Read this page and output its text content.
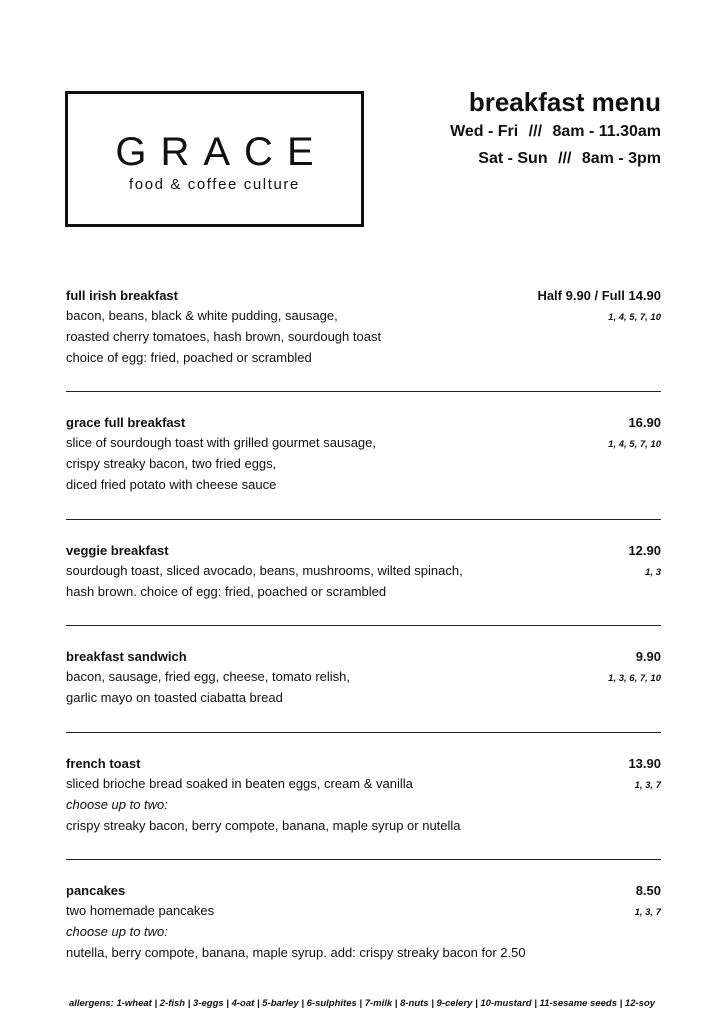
GRACE
food & coffee culture
breakfast menu
Wed - Fri /// 8am - 11.30am
Sat - Sun /// 8am - 3pm
full irish breakfast	Half 9.90 / Full 14.90
bacon, beans, black & white pudding, sausage,	1, 4, 5, 7, 10
roasted cherry tomatoes, hash brown, sourdough toast
choice of egg: fried, poached or scrambled
grace full breakfast	16.90
slice of sourdough toast with grilled gourmet sausage,	1, 4, 5, 7, 10
crispy streaky bacon, two fried eggs,
diced fried potato with cheese sauce
veggie breakfast	12.90
sourdough toast, sliced avocado, beans, mushrooms, wilted spinach,	1, 3
hash brown. choice of egg: fried, poached or scrambled
breakfast sandwich	9.90
bacon, sausage, fried egg, cheese, tomato relish,	1, 3, 6, 7, 10
garlic mayo on toasted ciabatta bread
french toast	13.90
sliced brioche bread soaked in beaten eggs, cream & vanilla	1, 3, 7
choose up to two:
crispy streaky bacon, berry compote, banana, maple syrup or nutella
pancakes	8.50
two homemade pancakes	1, 3, 7
choose up to two:
nutella, berry compote, banana, maple syrup. add: crispy streaky bacon for 2.50
allergens: 1-wheat | 2-fish | 3-eggs | 4-oat | 5-barley | 6-sulphites | 7-milk | 8-nuts | 9-celery | 10-mustard | 11-sesame seeds | 12-soy
